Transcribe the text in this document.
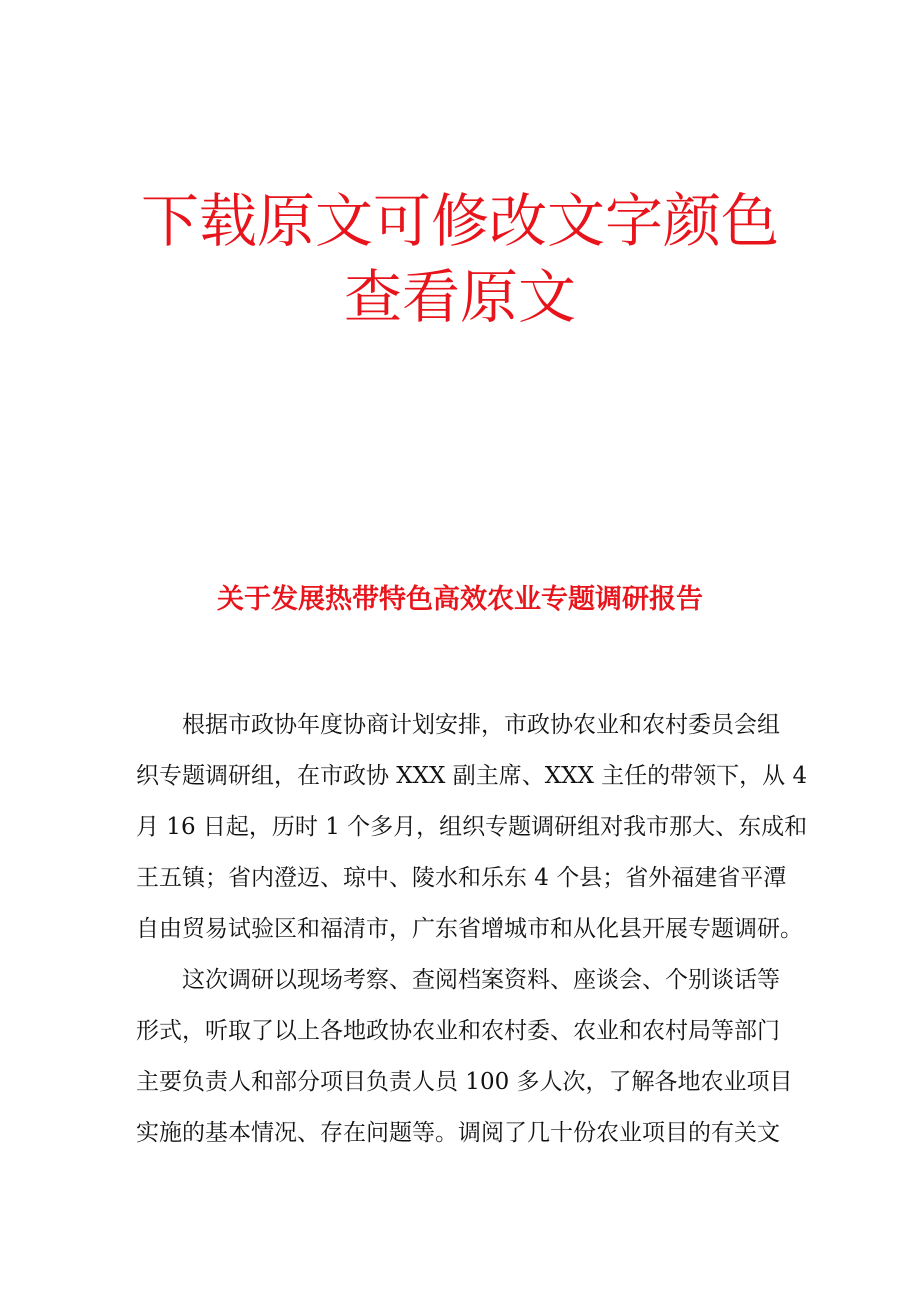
下载原文可修改文字颜色
查看原文
关于发展热带特色高效农业专题调研报告
根据市政协年度协商计划安排，市政协农业和农村委员会组
织专题调研组，在市政协 XXX 副主席、XXX 主任的带领下，从 4
月 16 日起，历时 1 个多月，组织专题调研组对我市那大、东成和
王五镇；省内澄迈、琼中、陵水和乐东 4 个县；省外福建省平潭
自由贸易试验区和福清市，广东省增城市和从化县开展专题调研。
这次调研以现场考察、查阅档案资料、座谈会、个别谈话等
形式，听取了以上各地政协农业和农村委、农业和农村局等部门
主要负责人和部分项目负责人员 100 多人次，了解各地农业项目
实施的基本情况、存在问题等。调阅了几十份农业项目的有关文
